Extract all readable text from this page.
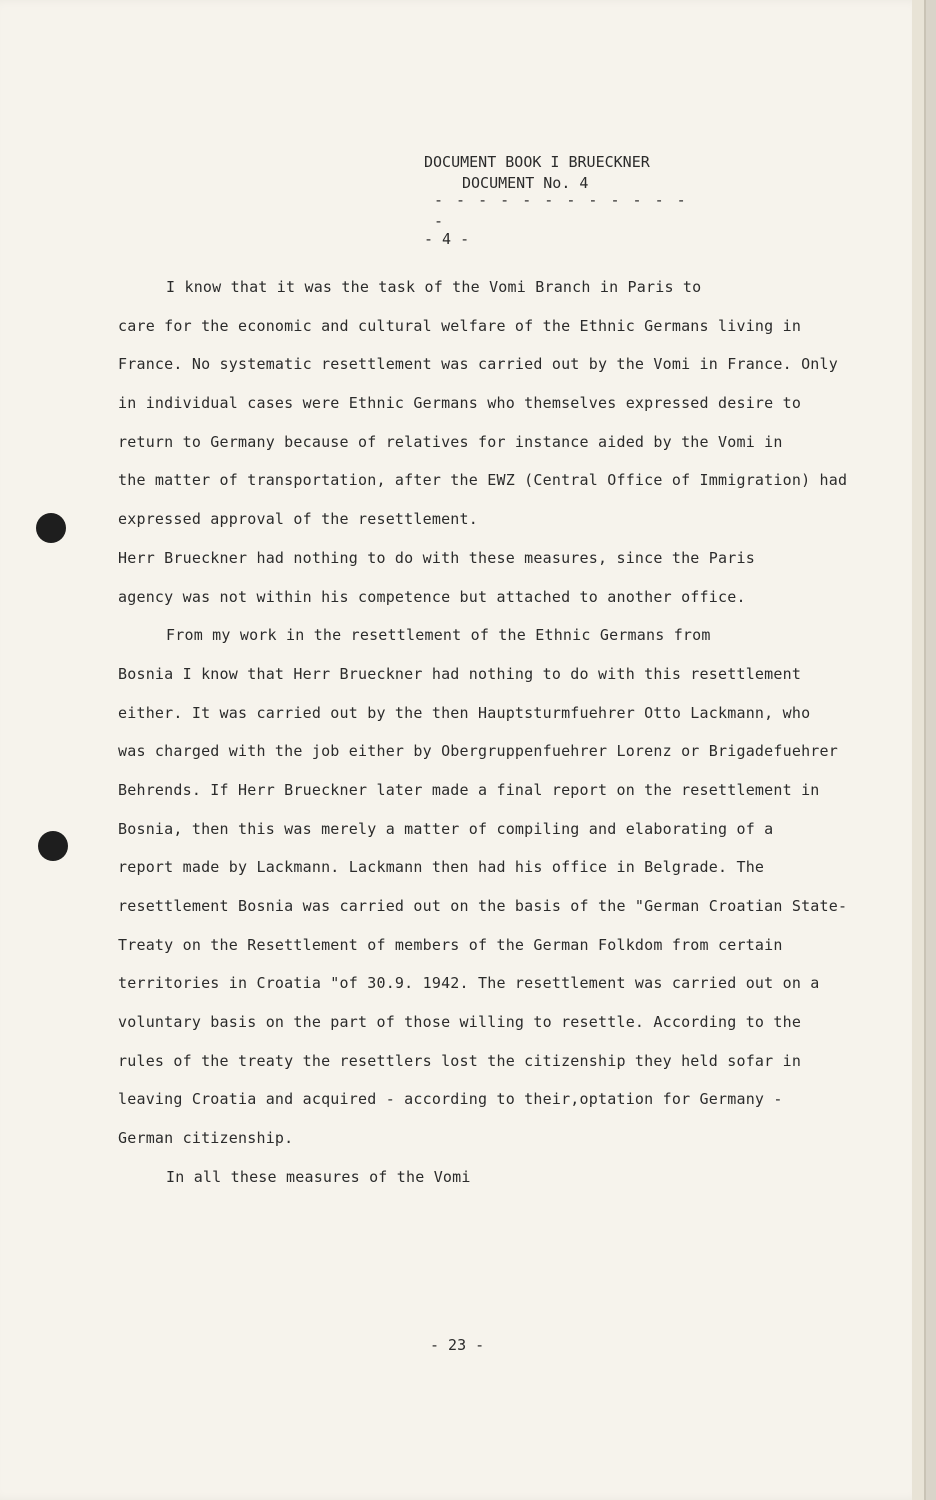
DOCUMENT BOOK I BRUECKNER
DOCUMENT No. 4
- - - - - - - - - - - - -
- 4 -
I know that it was the task of the Vomi Branch in Paris to
care for the economic and cultural welfare of the Ethnic Germans living in
France. No systematic resettlement was carried out by the Vomi in France. Only
in individual cases were Ethnic Germans who themselves expressed desire to
return to Germany because of relatives for instance aided by the Vomi in
the matter of transportation, after the EWZ (Central Office of Immigration) had
expressed approval of the resettlement.
Herr Brueckner had nothing to do with these measures, since the Paris
agency was not within his competence but attached to another office.
From my work in the resettlement of the Ethnic Germans from
Bosnia I know that Herr Brueckner had nothing to do with this resettlement
either. It was carried out by the then Hauptsturmfuehrer Otto Lackmann, who
was charged with the job either by Obergruppenfuehrer Lorenz or Brigadefuehrer
Behrends. If Herr Brueckner later made a final report on the resettlement in
Bosnia, then this was merely a matter of compiling and elaborating of a
report made by Lackmann. Lackmann then had his office in Belgrade. The
resettlement Bosnia was carried out on the basis of the "German Croatian State-
Treaty on the Resettlement of members of the German Folkdom from certain
territories in Croatia "of 30.9. 1942. The resettlement was carried out on a
voluntary basis on the part of those willing to resettle. According to the
rules of the treaty the resettlers lost the citizenship they held sofar in
leaving Croatia and acquired - according to their,optation for Germany -
German citizenship.
In all these measures of the Vomi
- 23 -
